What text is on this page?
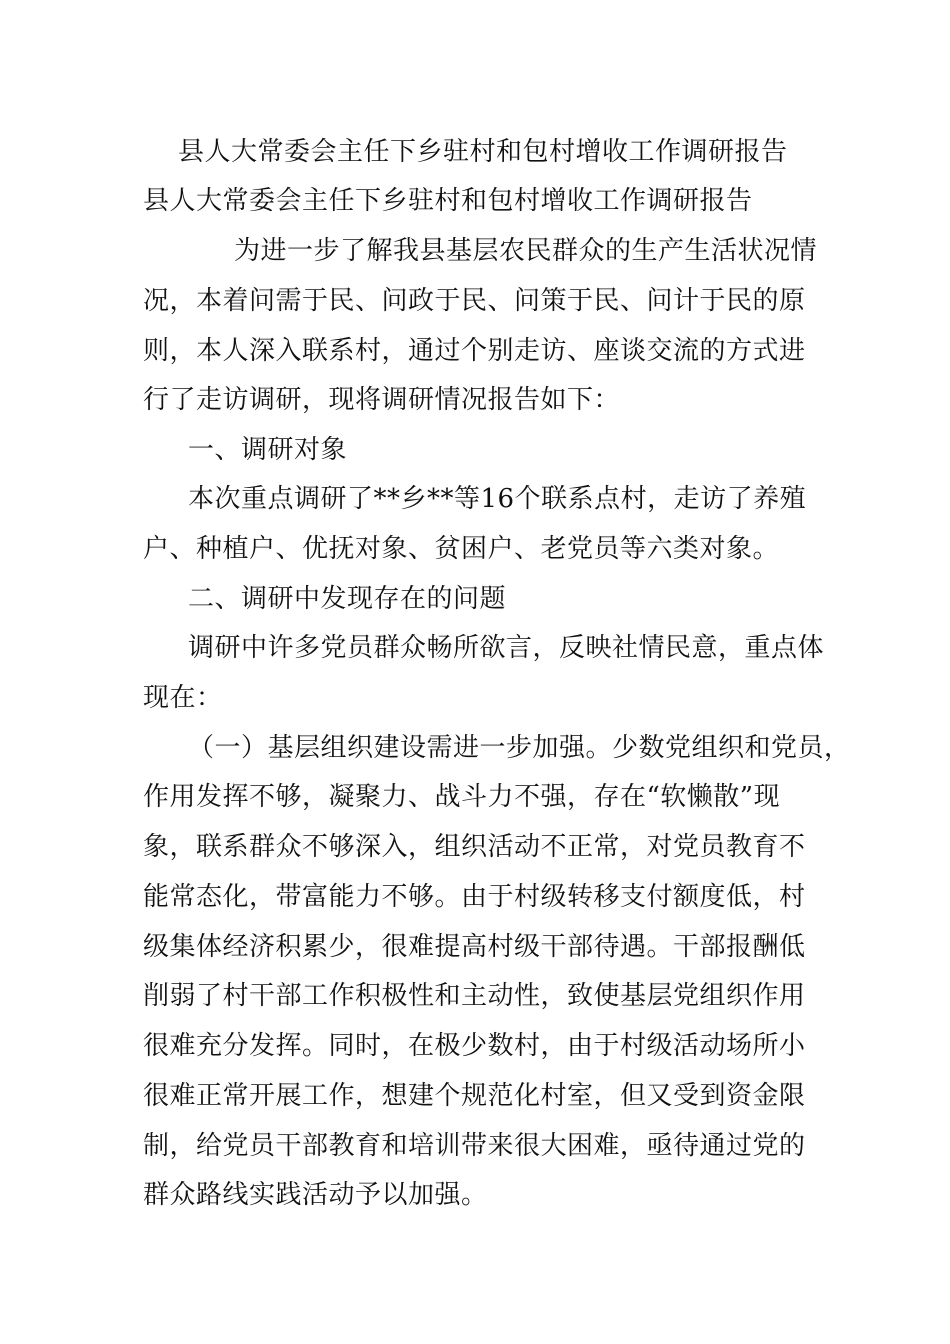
县人大常委会主任下乡驻村和包村增收工作调研报告
县人大常委会主任下乡驻村和包村增收工作调研报告
为进一步了解我县基层农民群众的生产生活状况情
况，本着问需于民、问政于民、问策于民、问计于民的原
则，本人深入联系村，通过个别走访、座谈交流的方式进
行了走访调研，现将调研情况报告如下：
一、调研对象
本次重点调研了**乡**等16个联系点村，走访了养殖
户、种植户、优抚对象、贫困户、老党员等六类对象。
二、调研中发现存在的问题
调研中许多党员群众畅所欲言，反映社情民意，重点体
现在：
（一）基层组织建设需进一步加强。少数党组织和党员，
作用发挥不够，凝聚力、战斗力不强，存在“软懒散”现
象，联系群众不够深入，组织活动不正常，对党员教育不
能常态化，带富能力不够。由于村级转移支付额度低，村
级集体经济积累少，很难提高村级干部待遇。干部报酬低
削弱了村干部工作积极性和主动性，致使基层党组织作用
很难充分发挥。同时，在极少数村，由于村级活动场所小
很难正常开展工作，想建个规范化村室，但又受到资金限
制，给党员干部教育和培训带来很大困难，亟待通过党的
群众路线实践活动予以加强。
